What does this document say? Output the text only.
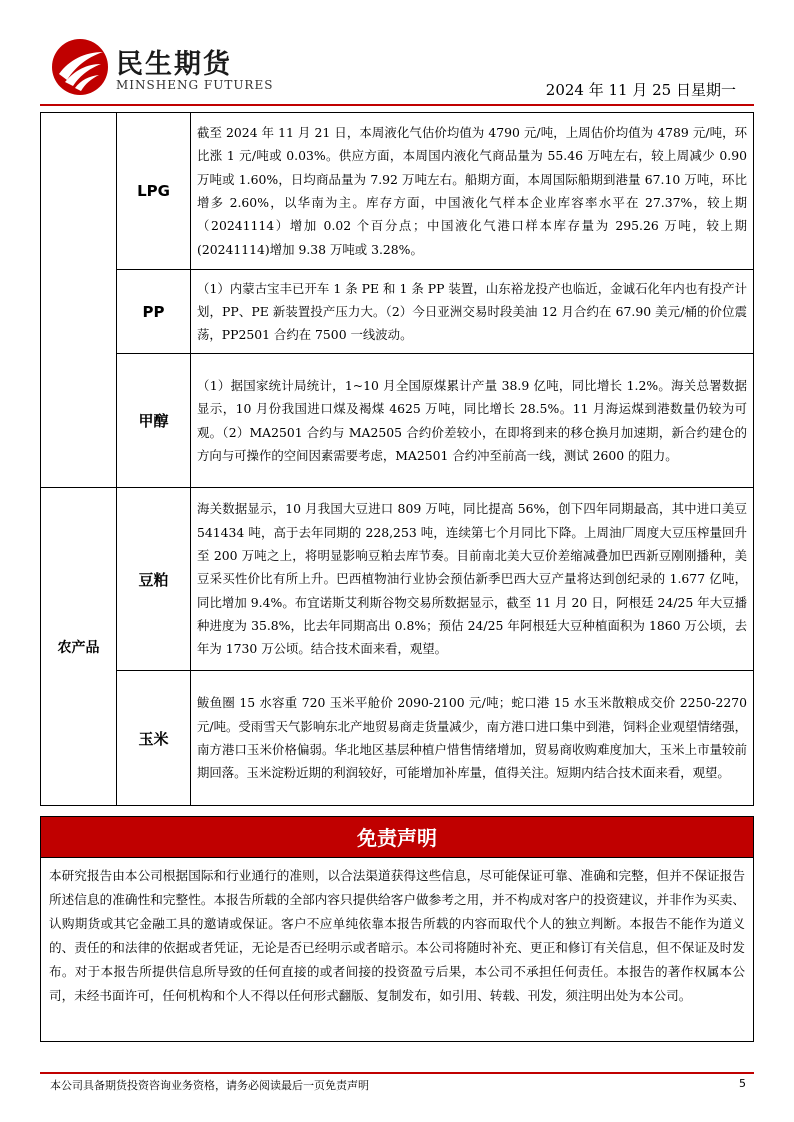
民生期货
MINSHENG FUTURES	2024 年 11 月 25 日星期一
	LPG	截至 2024 年 11 月 21 日，本周液化气估价均值为 4790 元/吨，上周估价均值为 4789 元/吨，环比涨 1 元/吨或 0.03%。供应方面，本周国内液化气商品量为 55.46 万吨左右，较上周减少 0.90 万吨或 1.60%，日均商品量为 7.92 万吨左右。船期方面，本周国际船期到港量 67.10 万吨，环比增多 2.60%，以华南为主。库存方面，中国液化气样本企业库容率水平在 27.37%，较上期（20241114）增加 0.02 个百分点；中国液化气港口样本库存量为 295.26 万吨，较上期(20241114)增加 9.38 万吨或 3.28%。
	PP	（1）内蒙古宝丰已开车 1 条 PE 和 1 条 PP 装置，山东裕龙投产也临近，金诚石化年内也有投产计划，PP、PE 新装置投产压力大。（2）今日亚洲交易时段美油 12 月合约在 67.90 美元/桶的价位震荡，PP2501 合约在 7500 一线波动。
	甲醇	（1）据国家统计局统计，1~10 月全国原煤累计产量 38.9 亿吨，同比增长 1.2%。海关总署数据显示，10 月份我国进口煤及褐煤 4625 万吨，同比增长 28.5%。11 月海运煤到港数量仍较为可观。（2）MA2501 合约与 MA2505 合约价差较小，在即将到来的移仓换月加速期，新合约建仓的方向与可操作的空间因素需要考虑，MA2501 合约冲至前高一线，测试 2600 的阻力。
农产品	豆粕	海关数据显示，10 月我国大豆进口 809 万吨，同比提高 56%，创下四年同期最高，其中进口美豆 541434 吨，高于去年同期的 228,253 吨，连续第七个月同比下降。上周油厂周度大豆压榨量回升至 200 万吨之上，将明显影响豆粕去库节奏。目前南北美大豆价差缩减叠加巴西新豆刚刚播种，美豆采买性价比有所上升。巴西植物油行业协会预估新季巴西大豆产量将达到创纪录的 1.677 亿吨，同比增加 9.4%。布宜诺斯艾利斯谷物交易所数据显示，截至 11 月 20 日，阿根廷 24/25 年大豆播种进度为 35.8%，比去年同期高出 0.8%；预估 24/25 年阿根廷大豆种植面积为 1860 万公顷，去年为 1730 万公顷。结合技术面来看，观望。
	玉米	鲅鱼圈 15 水容重 720 玉米平舱价 2090-2100 元/吨；蛇口港 15 水玉米散粮成交价 2250-2270 元/吨。受雨雪天气影响东北产地贸易商走货量减少，南方港口进口集中到港，饲料企业观望情绪强，南方港口玉米价格偏弱。华北地区基层种植户惜售情绪增加，贸易商收购难度加大，玉米上市量较前期回落。玉米淀粉近期的利润较好，可能增加补库量，值得关注。短期内结合技术面来看，观望。
免责声明
本研究报告由本公司根据国际和行业通行的准则，以合法渠道获得这些信息，尽可能保证可靠、准确和完整，但并不保证报告所述信息的准确性和完整性。本报告所载的全部内容只提供给客户做参考之用，并不构成对客户的投资建议，并非作为买卖、认购期货或其它金融工具的邀请或保证。客户不应单纯依靠本报告所载的内容而取代个人的独立判断。本报告不能作为道义的、责任的和法律的依据或者凭证，无论是否已经明示或者暗示。本公司将随时补充、更正和修订有关信息，但不保证及时发布。对于本报告所提供信息所导致的任何直接的或者间接的投资盈亏后果，本公司不承担任何责任。本报告的著作权属本公司，未经书面许可，任何机构和个人不得以任何形式翻版、复制发布，如引用、转载、刊发，须注明出处为本公司。
本公司具备期货投资咨询业务资格，请务必阅读最后一页免责声明	5
